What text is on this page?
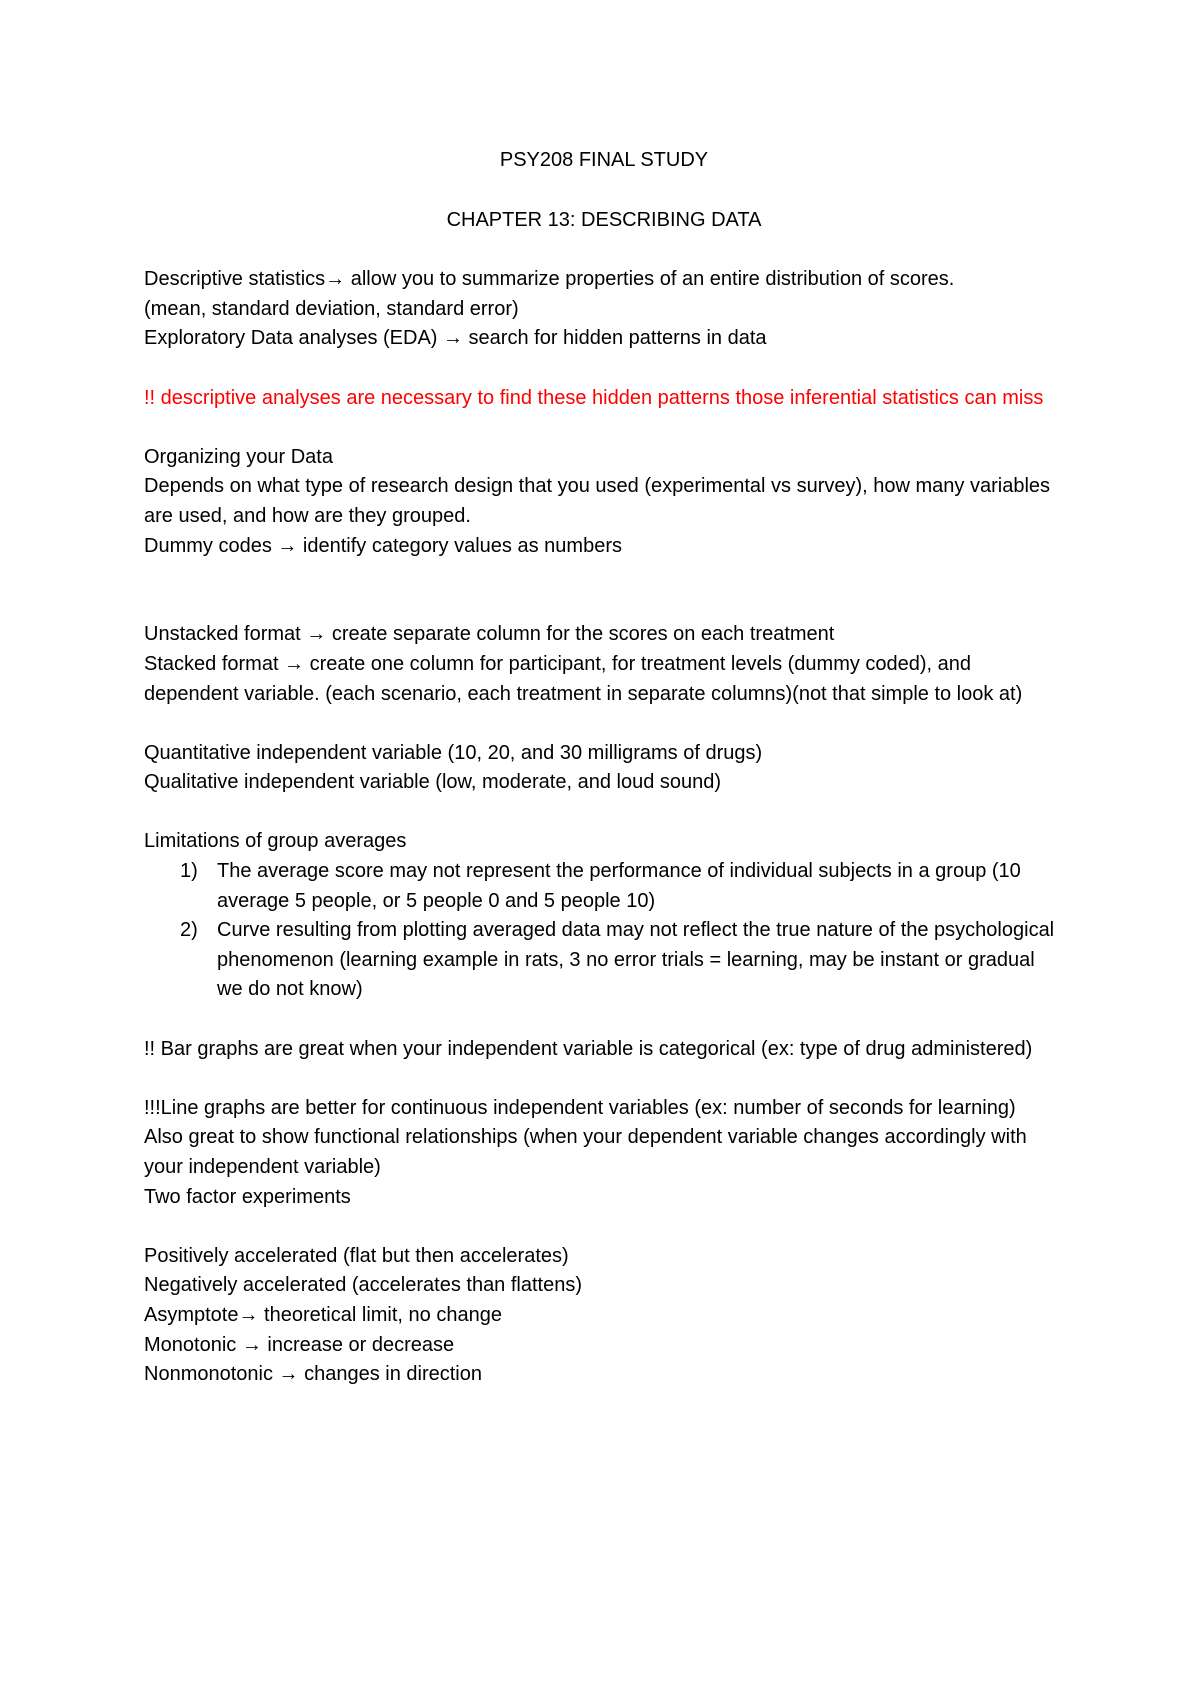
PSY208 FINAL STUDY

CHAPTER 13: DESCRIBING DATA

Descriptive statistics→ allow you to summarize properties of an entire distribution of scores.

(mean, standard deviation, standard error)

Exploratory Data analyses (EDA) → search for hidden patterns in data

!! descriptive analyses are necessary to find these hidden patterns those inferential statistics can miss

Organizing your Data

Depends on what type of research design that you used (experimental vs survey), how many variables are used, and how are they grouped.

Dummy codes → identify category values as numbers

Unstacked format → create separate column for the scores on each treatment

Stacked format → create one column for participant, for treatment levels (dummy coded), and dependent variable. (each scenario, each treatment in separate columns)(not that simple to look at)

Quantitative independent variable (10, 20, and 30 milligrams of drugs)

Qualitative independent variable (low, moderate, and loud sound)

Limitations of group averages

1) The average score may not represent the performance of individual subjects in a group (10 average 5 people, or 5 people 0 and 5 people 10)
2) Curve resulting from plotting averaged data may not reflect the true nature of the psychological phenomenon (learning example in rats, 3 no error trials = learning, may be instant or gradual we do not know)

!! Bar graphs are great when your independent variable is categorical (ex: type of drug administered)

!!!Line graphs are better for continuous independent variables (ex: number of seconds for learning)

Also great to show functional relationships (when your dependent variable changes accordingly with your independent variable)

Two factor experiments

Positively accelerated (flat but then accelerates)

Negatively accelerated (accelerates than flattens)

Asymptote→ theoretical limit, no change

Monotonic → increase or decrease

Nonmonotonic → changes in direction
